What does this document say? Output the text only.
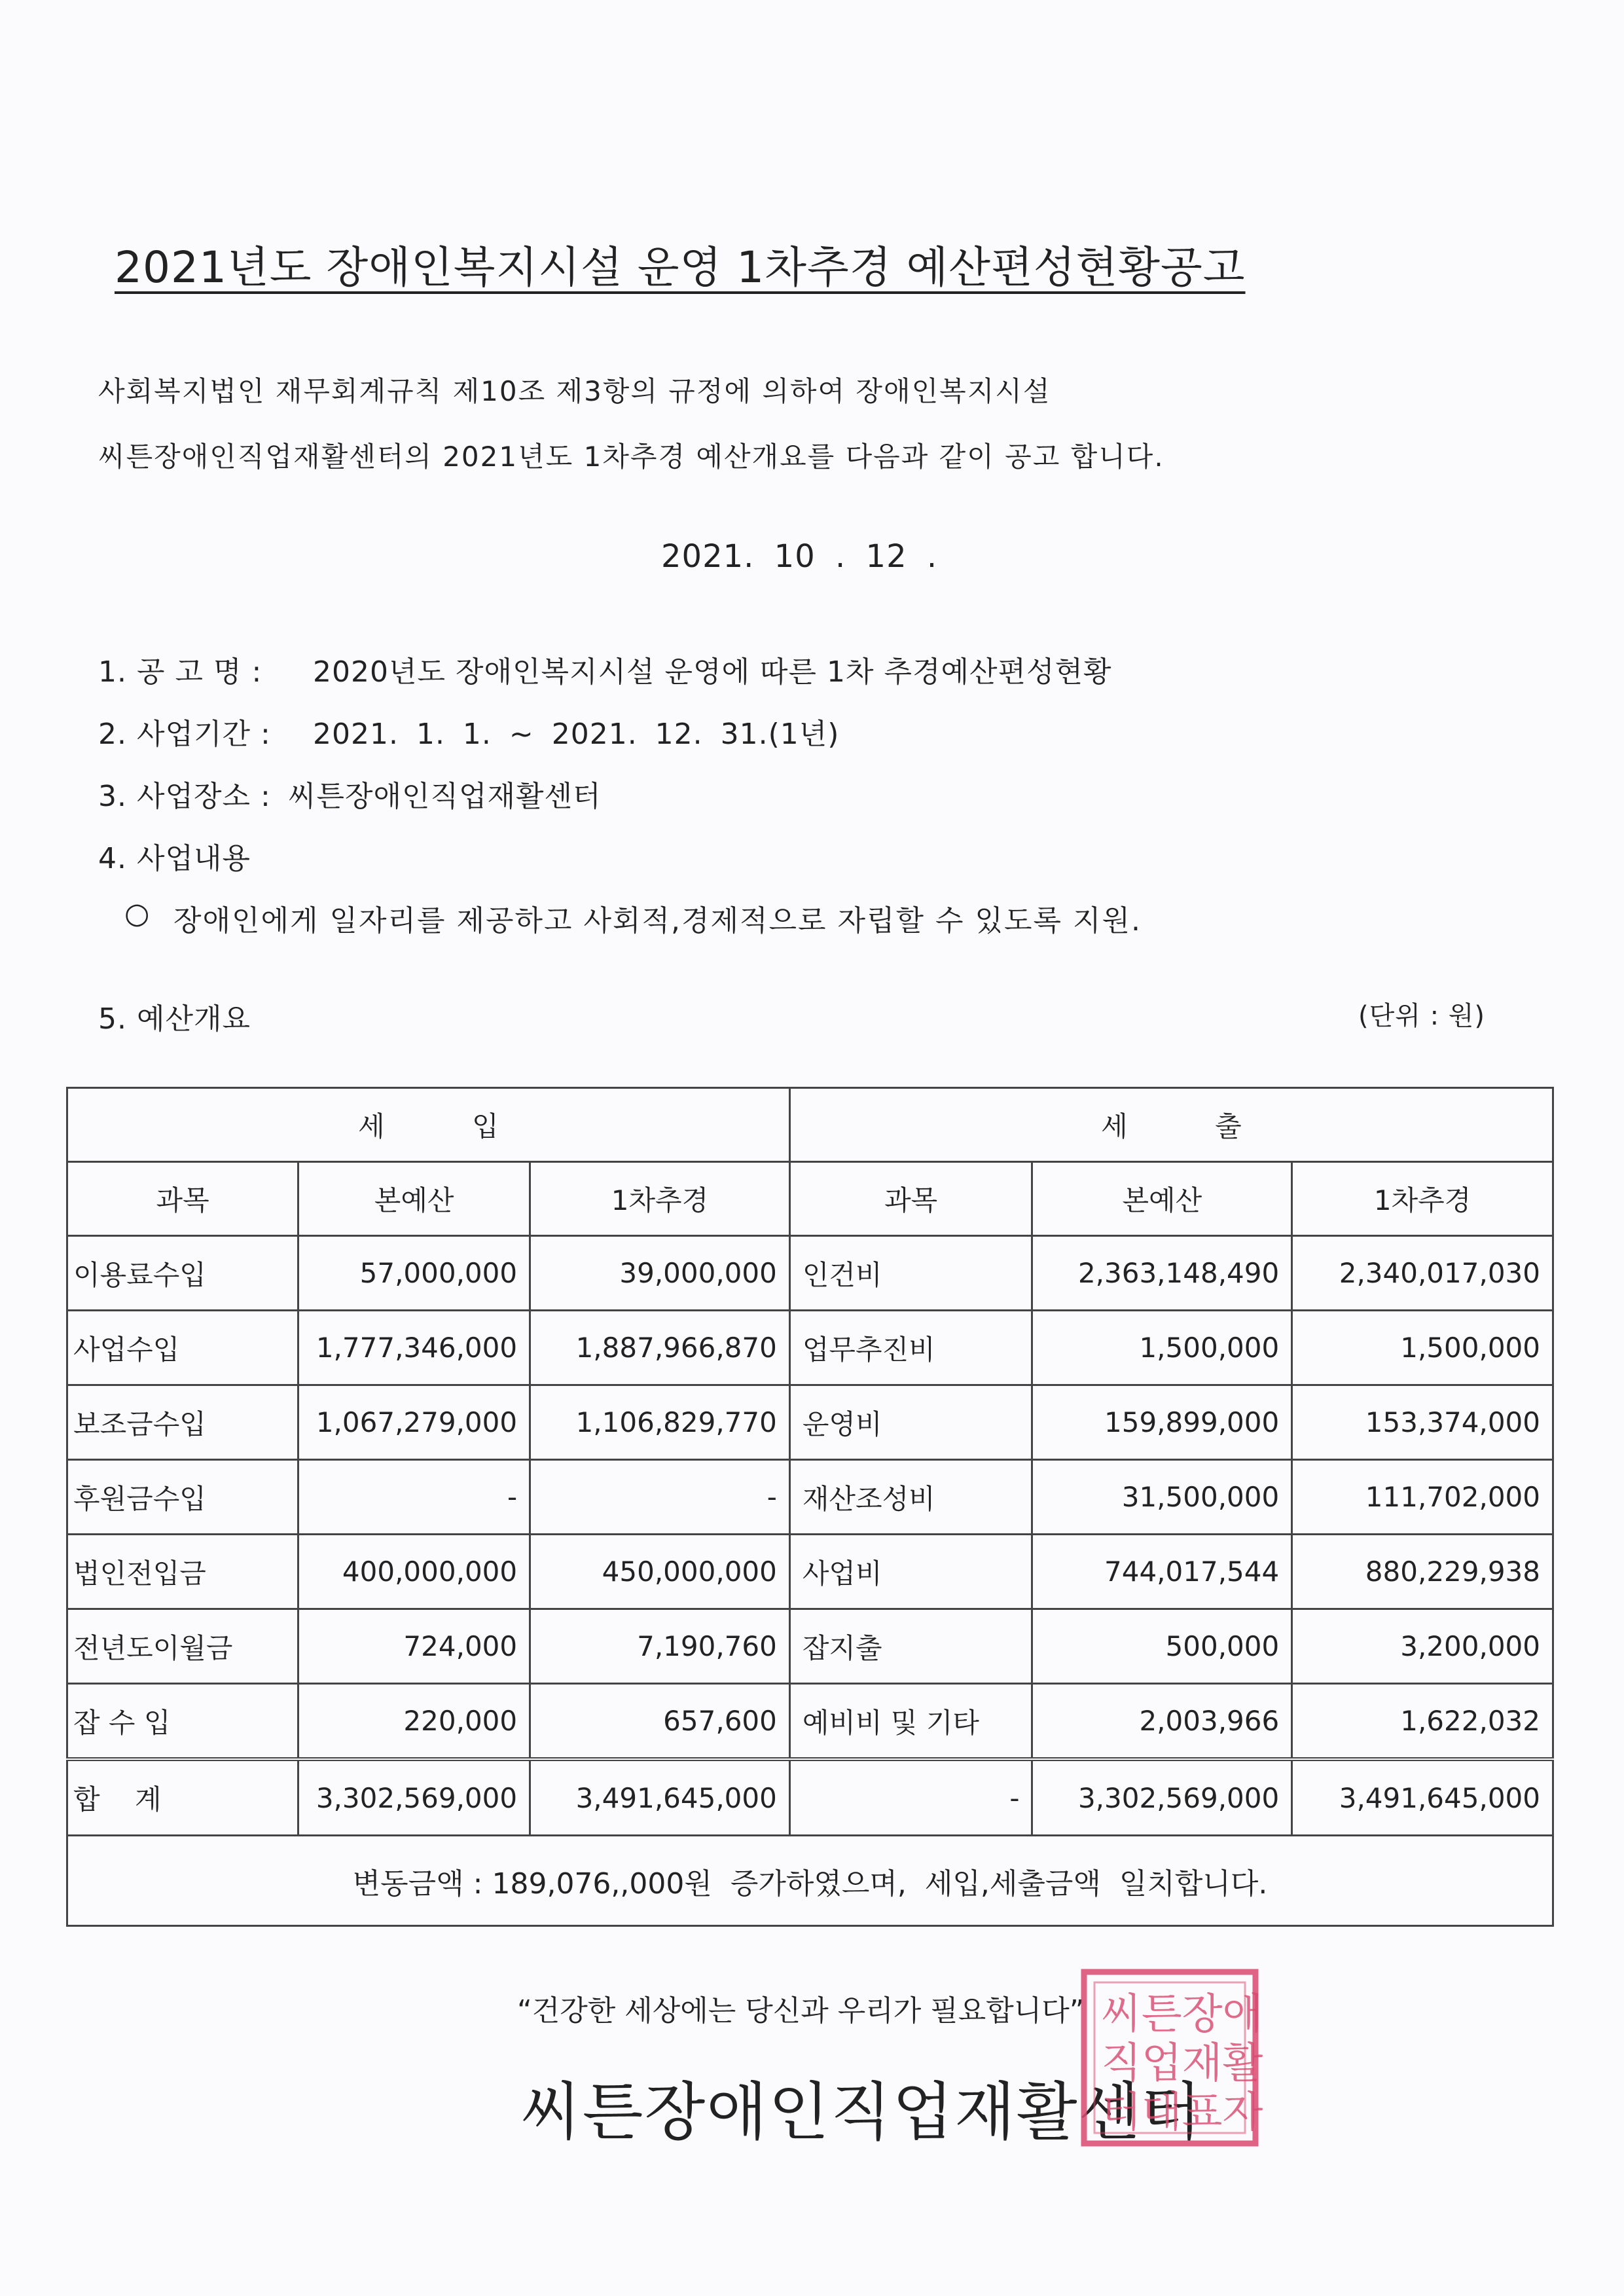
2021년도 장애인복지시설 운영 1차추경 예산편성현황공고
사회복지법인 재무회계규칙 제10조 제3항의 규정에 의하여 장애인복지시설
씨튼장애인직업재활센터의 2021년도 1차추경 예산개요를 다음과 같이 공고 합니다.
2021. 10 . 12 .
1. 공 고 명 : 2020년도 장애인복지시설 운영에 따른 1차 추경예산편성현황
2. 사업기간 : 2021. 1. 1. ~ 2021. 12. 31.(1년)
3. 사업장소 : 씨튼장애인직업재활센터
4. 사업내용
○ 장애인에게 일자리를 제공하고 사회적,경제적으로 자립할 수 있도록 지원.
5. 예산개요	(단위 : 원)
세          입			세          출		
과목	본예산	1차추경	과목	본예산	1차추경
이용료수입	57,000,000	39,000,000	인건비	2,363,148,490	2,340,017,030
사업수입	1,777,346,000	1,887,966,870	업무추진비	1,500,000	1,500,000
보조금수입	1,067,279,000	1,106,829,770	운영비	159,899,000	153,374,000
후원금수입	-	-	재산조성비	31,500,000	111,702,000
법인전입금	400,000,000	450,000,000	사업비	744,017,544	880,229,938
전년도이월금	724,000	7,190,760	잡지출	500,000	3,200,000
잡 수 입	220,000	657,600	예비비 및 기타	2,003,966	1,622,032
합    계	3,302,569,000	3,491,645,000	-	3,302,569,000	3,491,645,000
변동금액 : 189,076,,000원  증가하였으며,  세입,세출금액  일치합니다.					
“건강한 세상에는 당신과 우리가 필요합니다”
씨튼장애인직업재활센터
씨튼장애
직업재활
터대표자
